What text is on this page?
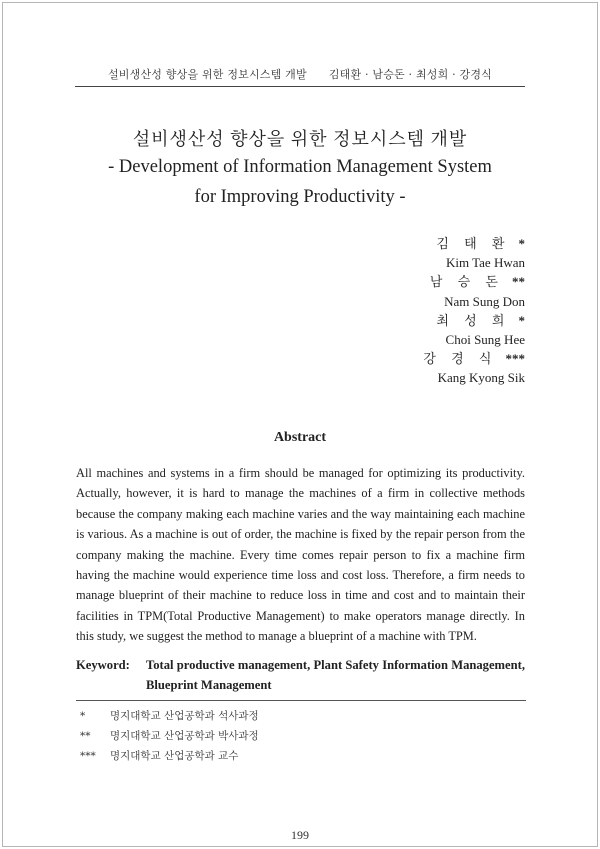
설비생산성 향상을 위한 정보시스템 개발 김태환 · 남승돈 · 최성희 · 강경식
설비생산성 향상을 위한 정보시스템 개발
- Development of Information Management System
for Improving Productivity -
김 태 환 *
Kim Tae Hwan
남 승 돈 **
Nam Sung Don
최 성 희 *
Choi Sung Hee
강 경 식 ***
Kang Kyong Sik
Abstract
All machines and systems in a firm should be managed for optimizing its productivity. Actually, however, it is hard to manage the machines of a firm in collective methods because the company making each machine varies and the way maintaining each machine is various. As a machine is out of order, the machine is fixed by the repair person from the company making the machine. Every time comes repair person to fix a machine firm having the machine would experience time loss and cost loss. Therefore, a firm needs to manage blueprint of their machine to reduce loss in time and cost and to maintain their facilities in TPM(Total Productive Management) to make operators manage directly. In this study, we suggest the method to manage a blueprint of a machine with TPM.
Keyword: Total productive management, Plant Safety Information Management, Blueprint Management
* 명지대학교 산업공학과 석사과정
** 명지대학교 산업공학과 박사과정
*** 명지대학교 산업공학과 교수
199
